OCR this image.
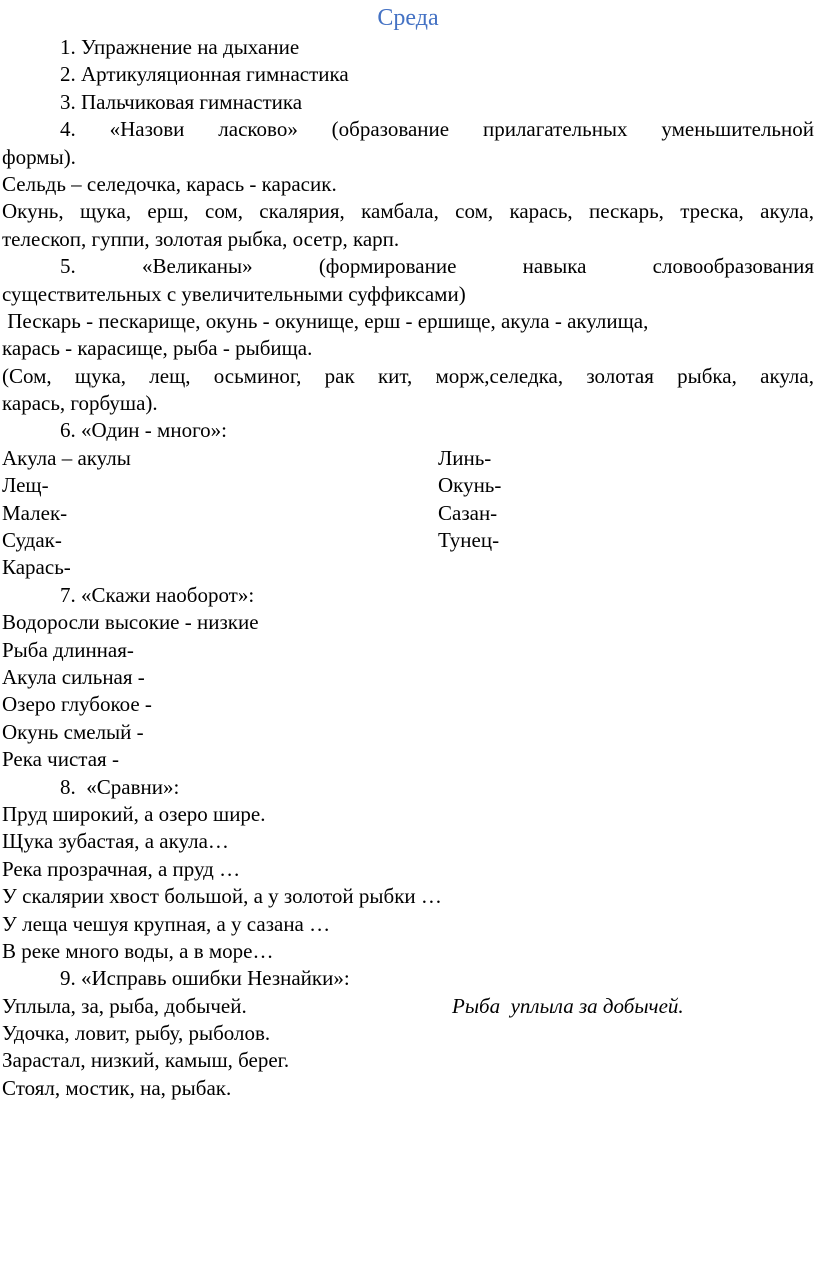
Среда
1. Упражнение на дыхание
2. Артикуляционная гимнастика
3. Пальчиковая гимнастика
4. «Назови ласково» (образование прилагательных уменьшительной
формы).
Сельдь – селедочка, карась - карасик.
Окунь, щука, ерш, сом, скалярия, камбала, сом, карась, пескарь, треска, акула,
телескоп, гуппи, золотая рыбка, осетр, карп.
5. «Великаны» (формирование навыка словообразования
существительных с увеличительными суффиксами)
Пескарь - пескарище, окунь - окунище, ерш - ершище, акула - акулища,
карась - карасище, рыба - рыбища.
(Сом, щука, лещ, осьминог, рак кит, морж,селедка, золотая рыбка, акула,
карась, горбуша).
6. «Один - много»:
Акула – акулы	Линь-
Лещ-	Окунь-
Малек-	Сазан-
Судак-	Тунец-
Карась-
7. «Скажи наоборот»:
Водоросли высокие - низкие
Рыба длинная-
Акула сильная -
Озеро глубокое -
Окунь смелый -
Река чистая -
8.  «Сравни»:
Пруд широкий, а озеро шире.
Щука зубастая, а акула…
Река прозрачная, а пруд …
У скалярии хвост большой, а у золотой рыбки …
У леща чешуя крупная, а у сазана …
В реке много воды, а в море…
9. «Исправь ошибки Незнайки»:
Уплыла, за, рыба, добычей.	Рыба  уплыла за добычей.
Удочка, ловит, рыбу, рыболов.
Зарастал, низкий, камыш, берег.
Стоял, мостик, на, рыбак.
